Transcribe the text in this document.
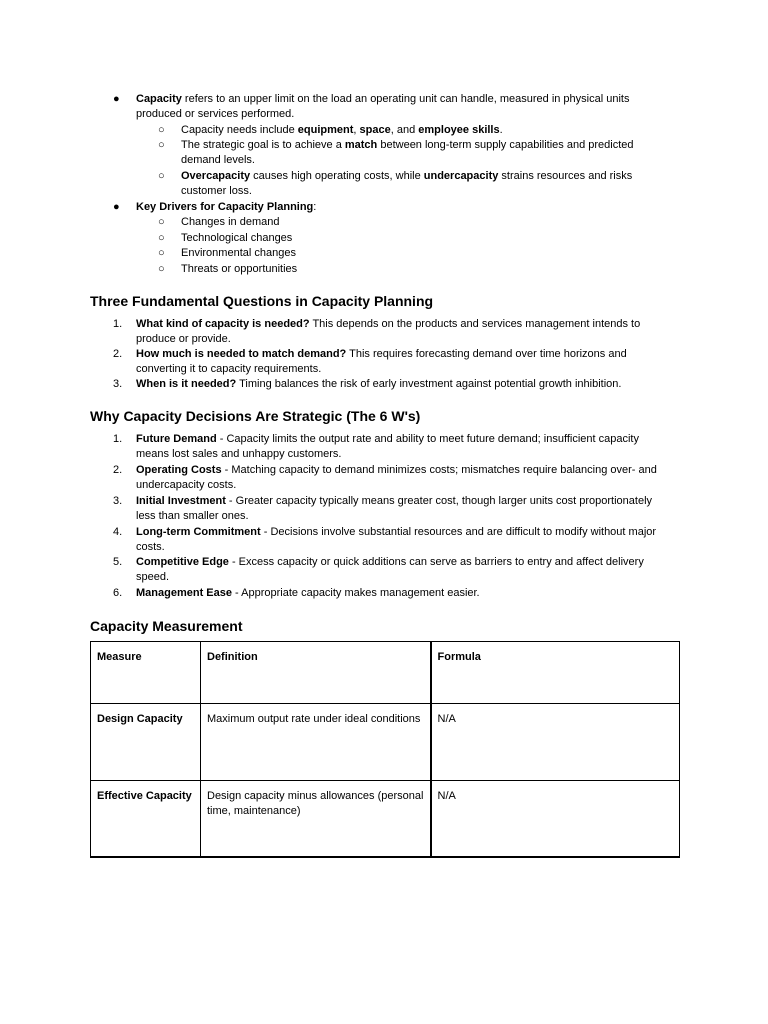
● Capacity refers to an upper limit on the load an operating unit can handle, measured in physical units
produced or services performed.
○ Capacity needs include equipment, space, and employee skills.
○ The strategic goal is to achieve a match between long-term supply capabilities and predicted
demand levels.
○ Overcapacity causes high operating costs, while undercapacity strains resources and risks
customer loss.
● Key Drivers for Capacity Planning:
○ Changes in demand
○ Technological changes
○ Environmental changes
○ Threats or opportunities
Three Fundamental Questions in Capacity Planning
1. What kind of capacity is needed? This depends on the products and services management intends to
produce or provide.
2. How much is needed to match demand? This requires forecasting demand over time horizons and
converting it to capacity requirements.
3. When is it needed? Timing balances the risk of early investment against potential growth inhibition.
Why Capacity Decisions Are Strategic (The 6 W's)
1. Future Demand - Capacity limits the output rate and ability to meet future demand; insufficient capacity
means lost sales and unhappy customers.
2. Operating Costs - Matching capacity to demand minimizes costs; mismatches require balancing over- and
undercapacity costs.
3. Initial Investment - Greater capacity typically means greater cost, though larger units cost proportionately
less than smaller ones.
4. Long-term Commitment - Decisions involve substantial resources and are difficult to modify without major
costs.
5. Competitive Edge - Excess capacity or quick additions can serve as barriers to entry and affect delivery
speed.
6. Management Ease - Appropriate capacity makes management easier.
Capacity Measurement
Measure	Definition	Formula
Design Capacity	Maximum output rate under ideal conditions	N/A
Effective Capacity	Design capacity minus allowances (personal time, maintenance)	N/A
